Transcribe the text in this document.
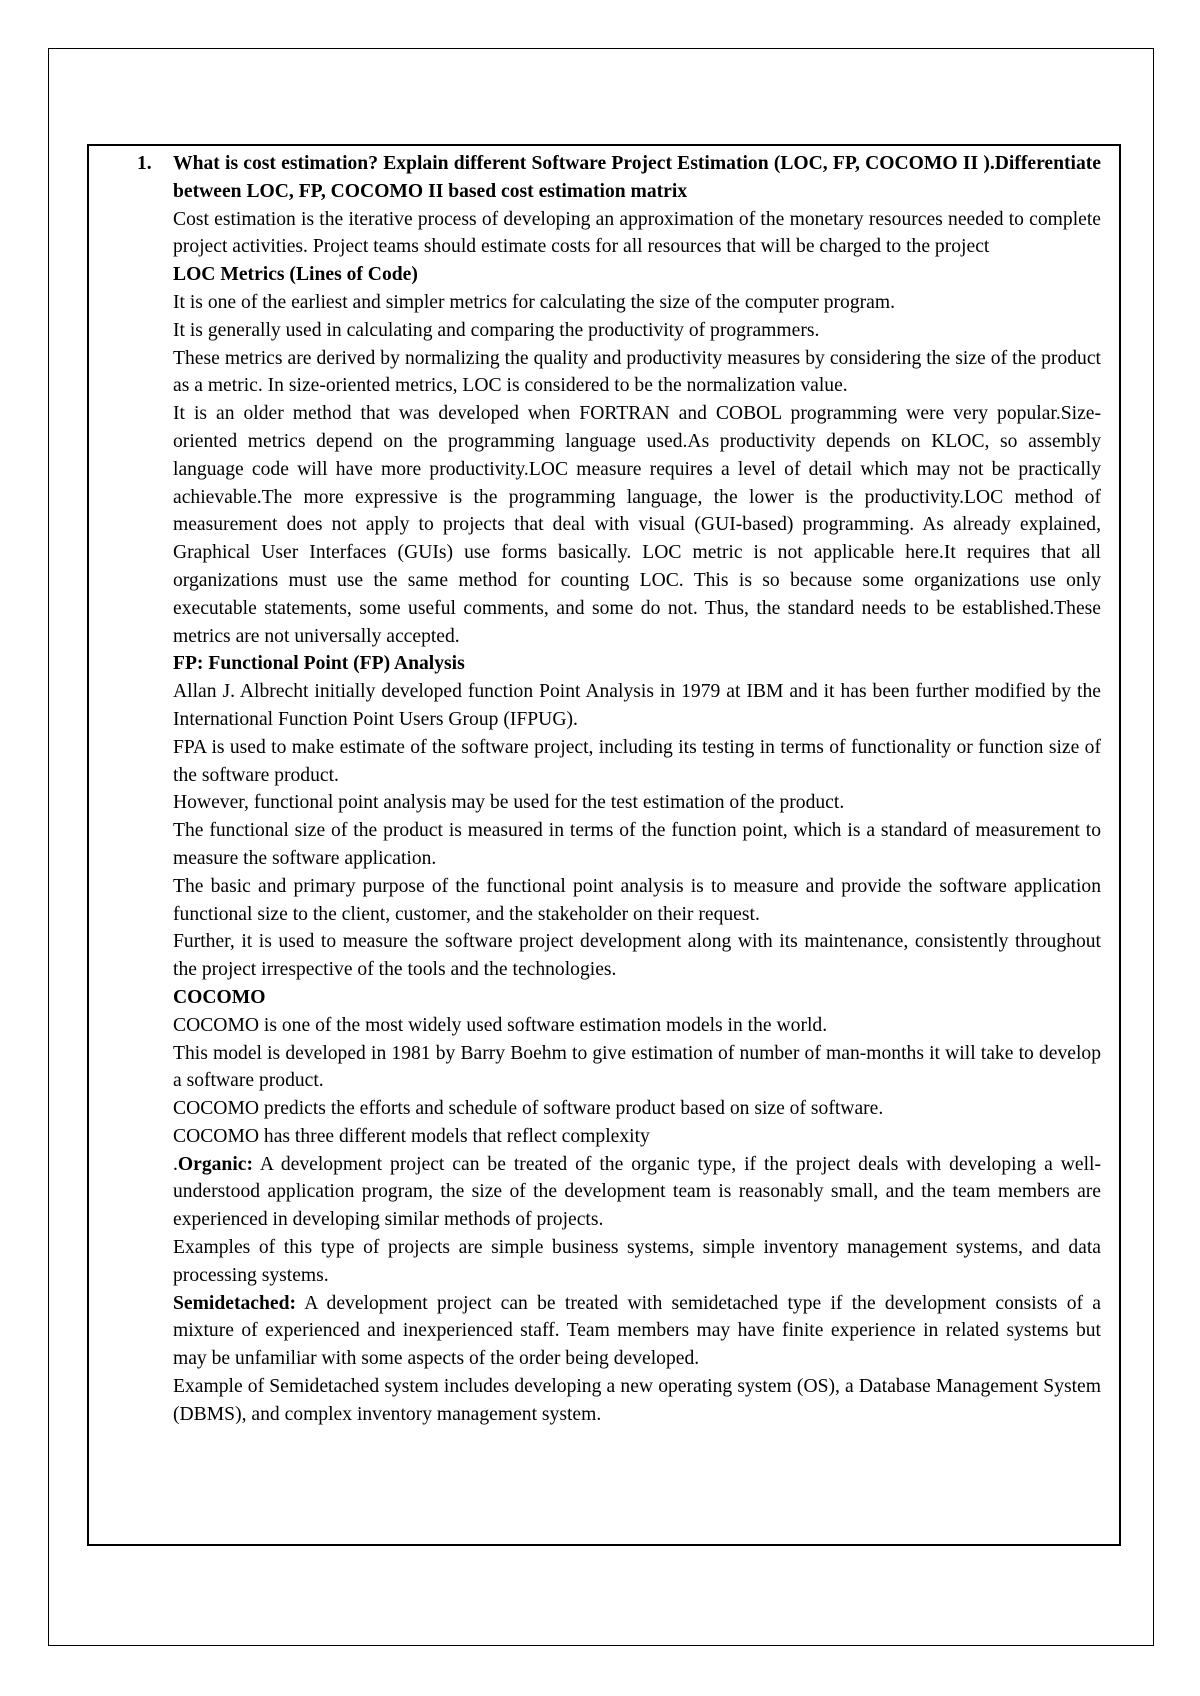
1. What is cost estimation? Explain different Software Project Estimation (LOC, FP, COCOMO II ).Differentiate between LOC, FP, COCOMO II based cost estimation matrix

Cost estimation is the iterative process of developing an approximation of the monetary resources needed to complete project activities. Project teams should estimate costs for all resources that will be charged to the project

LOC Metrics (Lines of Code)

It is one of the earliest and simpler metrics for calculating the size of the computer program.

It is generally used in calculating and comparing the productivity of programmers.

These metrics are derived by normalizing the quality and productivity measures by considering the size of the product as a metric. In size-oriented metrics, LOC is considered to be the normalization value.

It is an older method that was developed when FORTRAN and COBOL programming were very popular.Size-oriented metrics depend on the programming language used.As productivity depends on KLOC, so assembly language code will have more productivity.LOC measure requires a level of detail which may not be practically achievable.The more expressive is the programming language, the lower is the productivity.LOC method of measurement does not apply to projects that deal with visual (GUI-based) programming. As already explained, Graphical User Interfaces (GUIs) use forms basically. LOC metric is not applicable here.It requires that all organizations must use the same method for counting LOC. This is so because some organizations use only executable statements, some useful comments, and some do not. Thus, the standard needs to be established.These metrics are not universally accepted.

FP: Functional Point (FP) Analysis

Allan J. Albrecht initially developed function Point Analysis in 1979 at IBM and it has been further modified by the International Function Point Users Group (IFPUG).

FPA is used to make estimate of the software project, including its testing in terms of functionality or function size of the software product.

However, functional point analysis may be used for the test estimation of the product.

The functional size of the product is measured in terms of the function point, which is a standard of measurement to measure the software application.

The basic and primary purpose of the functional point analysis is to measure and provide the software application functional size to the client, customer, and the stakeholder on their request.

Further, it is used to measure the software project development along with its maintenance, consistently throughout the project irrespective of the tools and the technologies.

COCOMO

COCOMO is one of the most widely used software estimation models in the world.

This model is developed in 1981 by Barry Boehm to give estimation of number of man-months it will take to develop a software product.

COCOMO predicts the efforts and schedule of software product based on size of software.

COCOMO has three different models that reflect complexity

.Organic: A development project can be treated of the organic type, if the project deals with developing a well-understood application program, the size of the development team is reasonably small, and the team members are experienced in developing similar methods of projects.

Examples of this type of projects are simple business systems, simple inventory management systems, and data processing systems.

Semidetached: A development project can be treated with semidetached type if the development consists of a mixture of experienced and inexperienced staff. Team members may have finite experience in related systems but may be unfamiliar with some aspects of the order being developed.

Example of Semidetached system includes developing a new operating system (OS), a Database Management System (DBMS), and complex inventory management system.
